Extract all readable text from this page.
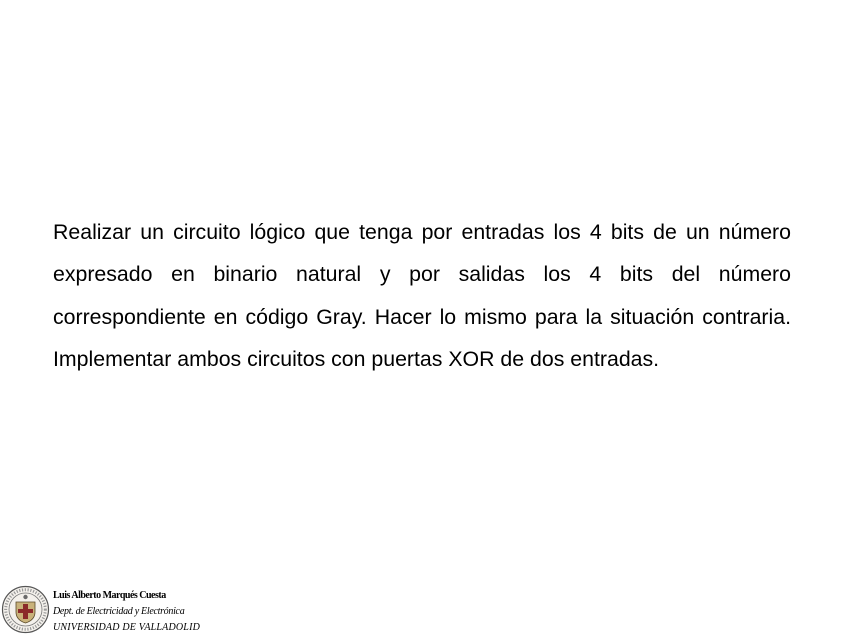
Realizar un circuito lógico que tenga por entradas los 4 bits de un número expresado en binario natural y por salidas los 4 bits del número correspondiente en código Gray. Hacer lo mismo para la situación contraria. Implementar ambos circuitos con puertas XOR de dos entradas.

Luis Alberto Marqués Cuesta
Dept. de Electricidad y Electrónica
UNIVERSIDAD DE VALLADOLID
